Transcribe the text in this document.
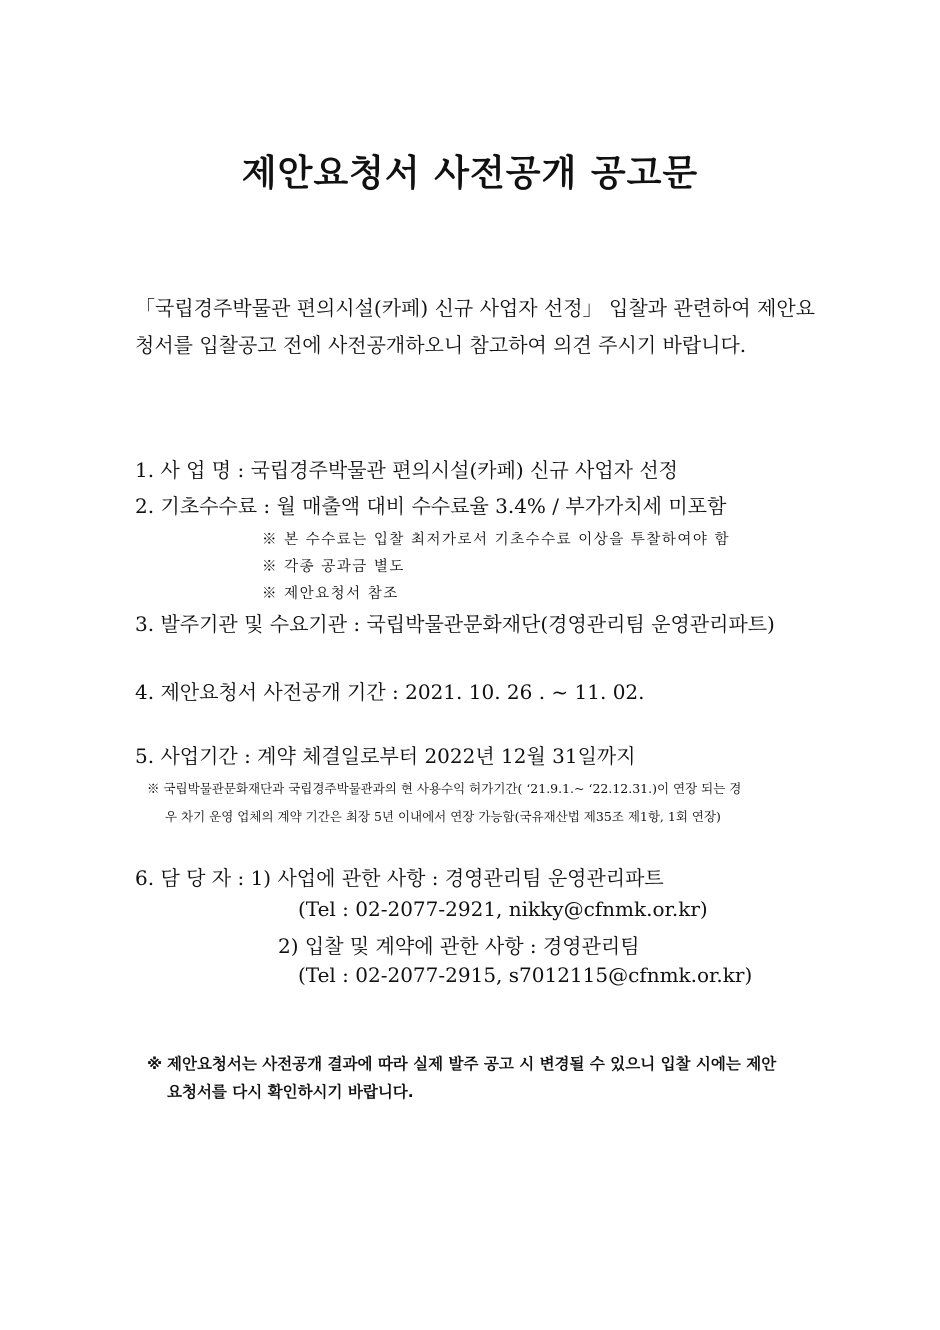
제안요청서 사전공개 공고문

「국립경주박물관 편의시설(카페) 신규 사업자 선정」 입찰과 관련하여 제안요청서를 입찰공고 전에 사전공개하오니 참고하여 의견 주시기 바랍니다.

1. 사 업 명 : 국립경주박물관 편의시설(카페) 신규 사업자 선정
2. 기초수수료 : 월 매출액 대비 수수료율 3.4% / 부가가치세 미포함
※ 본 수수료는 입찰 최저가로서 기초수수료 이상을 투찰하여야 함
※ 각종 공과금 별도
※ 제안요청서 참조
3. 발주기관 및 수요기관 : 국립박물관문화재단(경영관리팀 운영관리파트)
4. 제안요청서 사전공개 기간 : 2021. 10. 26 . ~ 11. 02.
5. 사업기간 : 계약 체결일로부터 2022년 12월 31일까지
※ 국립박물관문화재단과 국립경주박물관과의 현 사용수익 허가기간( ‘21.9.1.~ ‘22.12.31.)이 연장 되는 경
우 차기 운영 업체의 계약 기간은 최장 5년 이내에서 연장 가능함(국유재산법 제35조 제1항, 1회 연장)
6. 담 당 자 : 1) 사업에 관한 사항 : 경영관리팀 운영관리파트
(Tel : 02-2077-2921, nikky@cfnmk.or.kr)
2) 입찰 및 계약에 관한 사항 : 경영관리팀
(Tel : 02-2077-2915, s7012115@cfnmk.or.kr)

※ 제안요청서는 사전공개 결과에 따라 실제 발주 공고 시 변경될 수 있으니 입찰 시에는 제안
요청서를 다시 확인하시기 바랍니다.
